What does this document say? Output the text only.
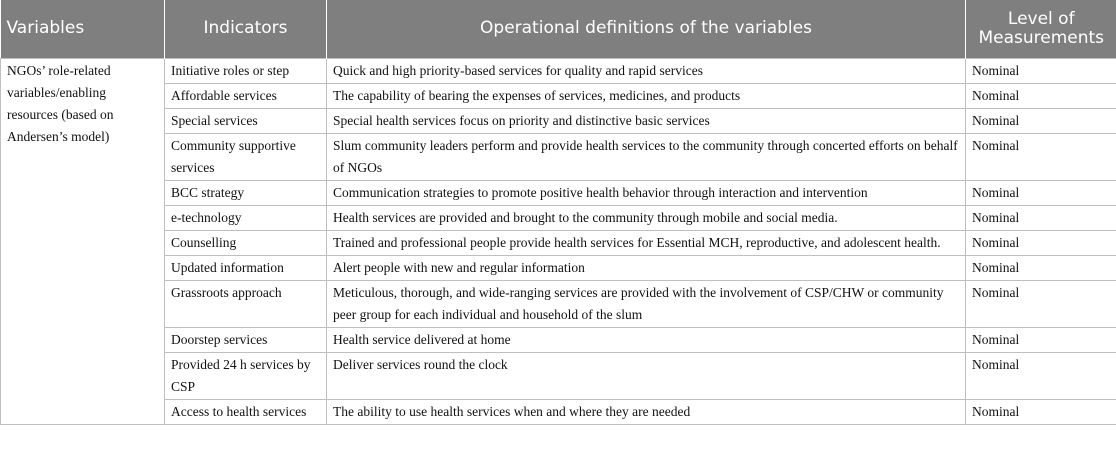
Variables	Indicators	Operational definitions of the variables	Level of Measurements
NGOs’ role-related variables/enabling resources (based on Andersen’s model)	Initiative roles or step	Quick and high priority-based services for quality and rapid services	Nominal
	Affordable services	The capability of bearing the expenses of services, medicines, and products	Nominal
	Special services	Special health services focus on priority and distinctive basic services	Nominal
	Community supportive services	Slum community leaders perform and provide health services to the community through concerted efforts on behalf of NGOs	Nominal
	BCC strategy	Communication strategies to promote positive health behavior through interaction and intervention	Nominal
	e-technology	Health services are provided and brought to the community through mobile and social media.	Nominal
	Counselling	Trained and professional people provide health services for Essential MCH, reproductive, and adolescent health.	Nominal
	Updated information	Alert people with new and regular information	Nominal
	Grassroots approach	Meticulous, thorough, and wide-ranging services are provided with the involvement of CSP/CHW or community peer group for each individual and household of the slum	Nominal
	Doorstep services	Health service delivered at home	Nominal
	Provided 24 h services by CSP	Deliver services round the clock	Nominal
	Access to health services	The ability to use health services when and where they are needed	Nominal
